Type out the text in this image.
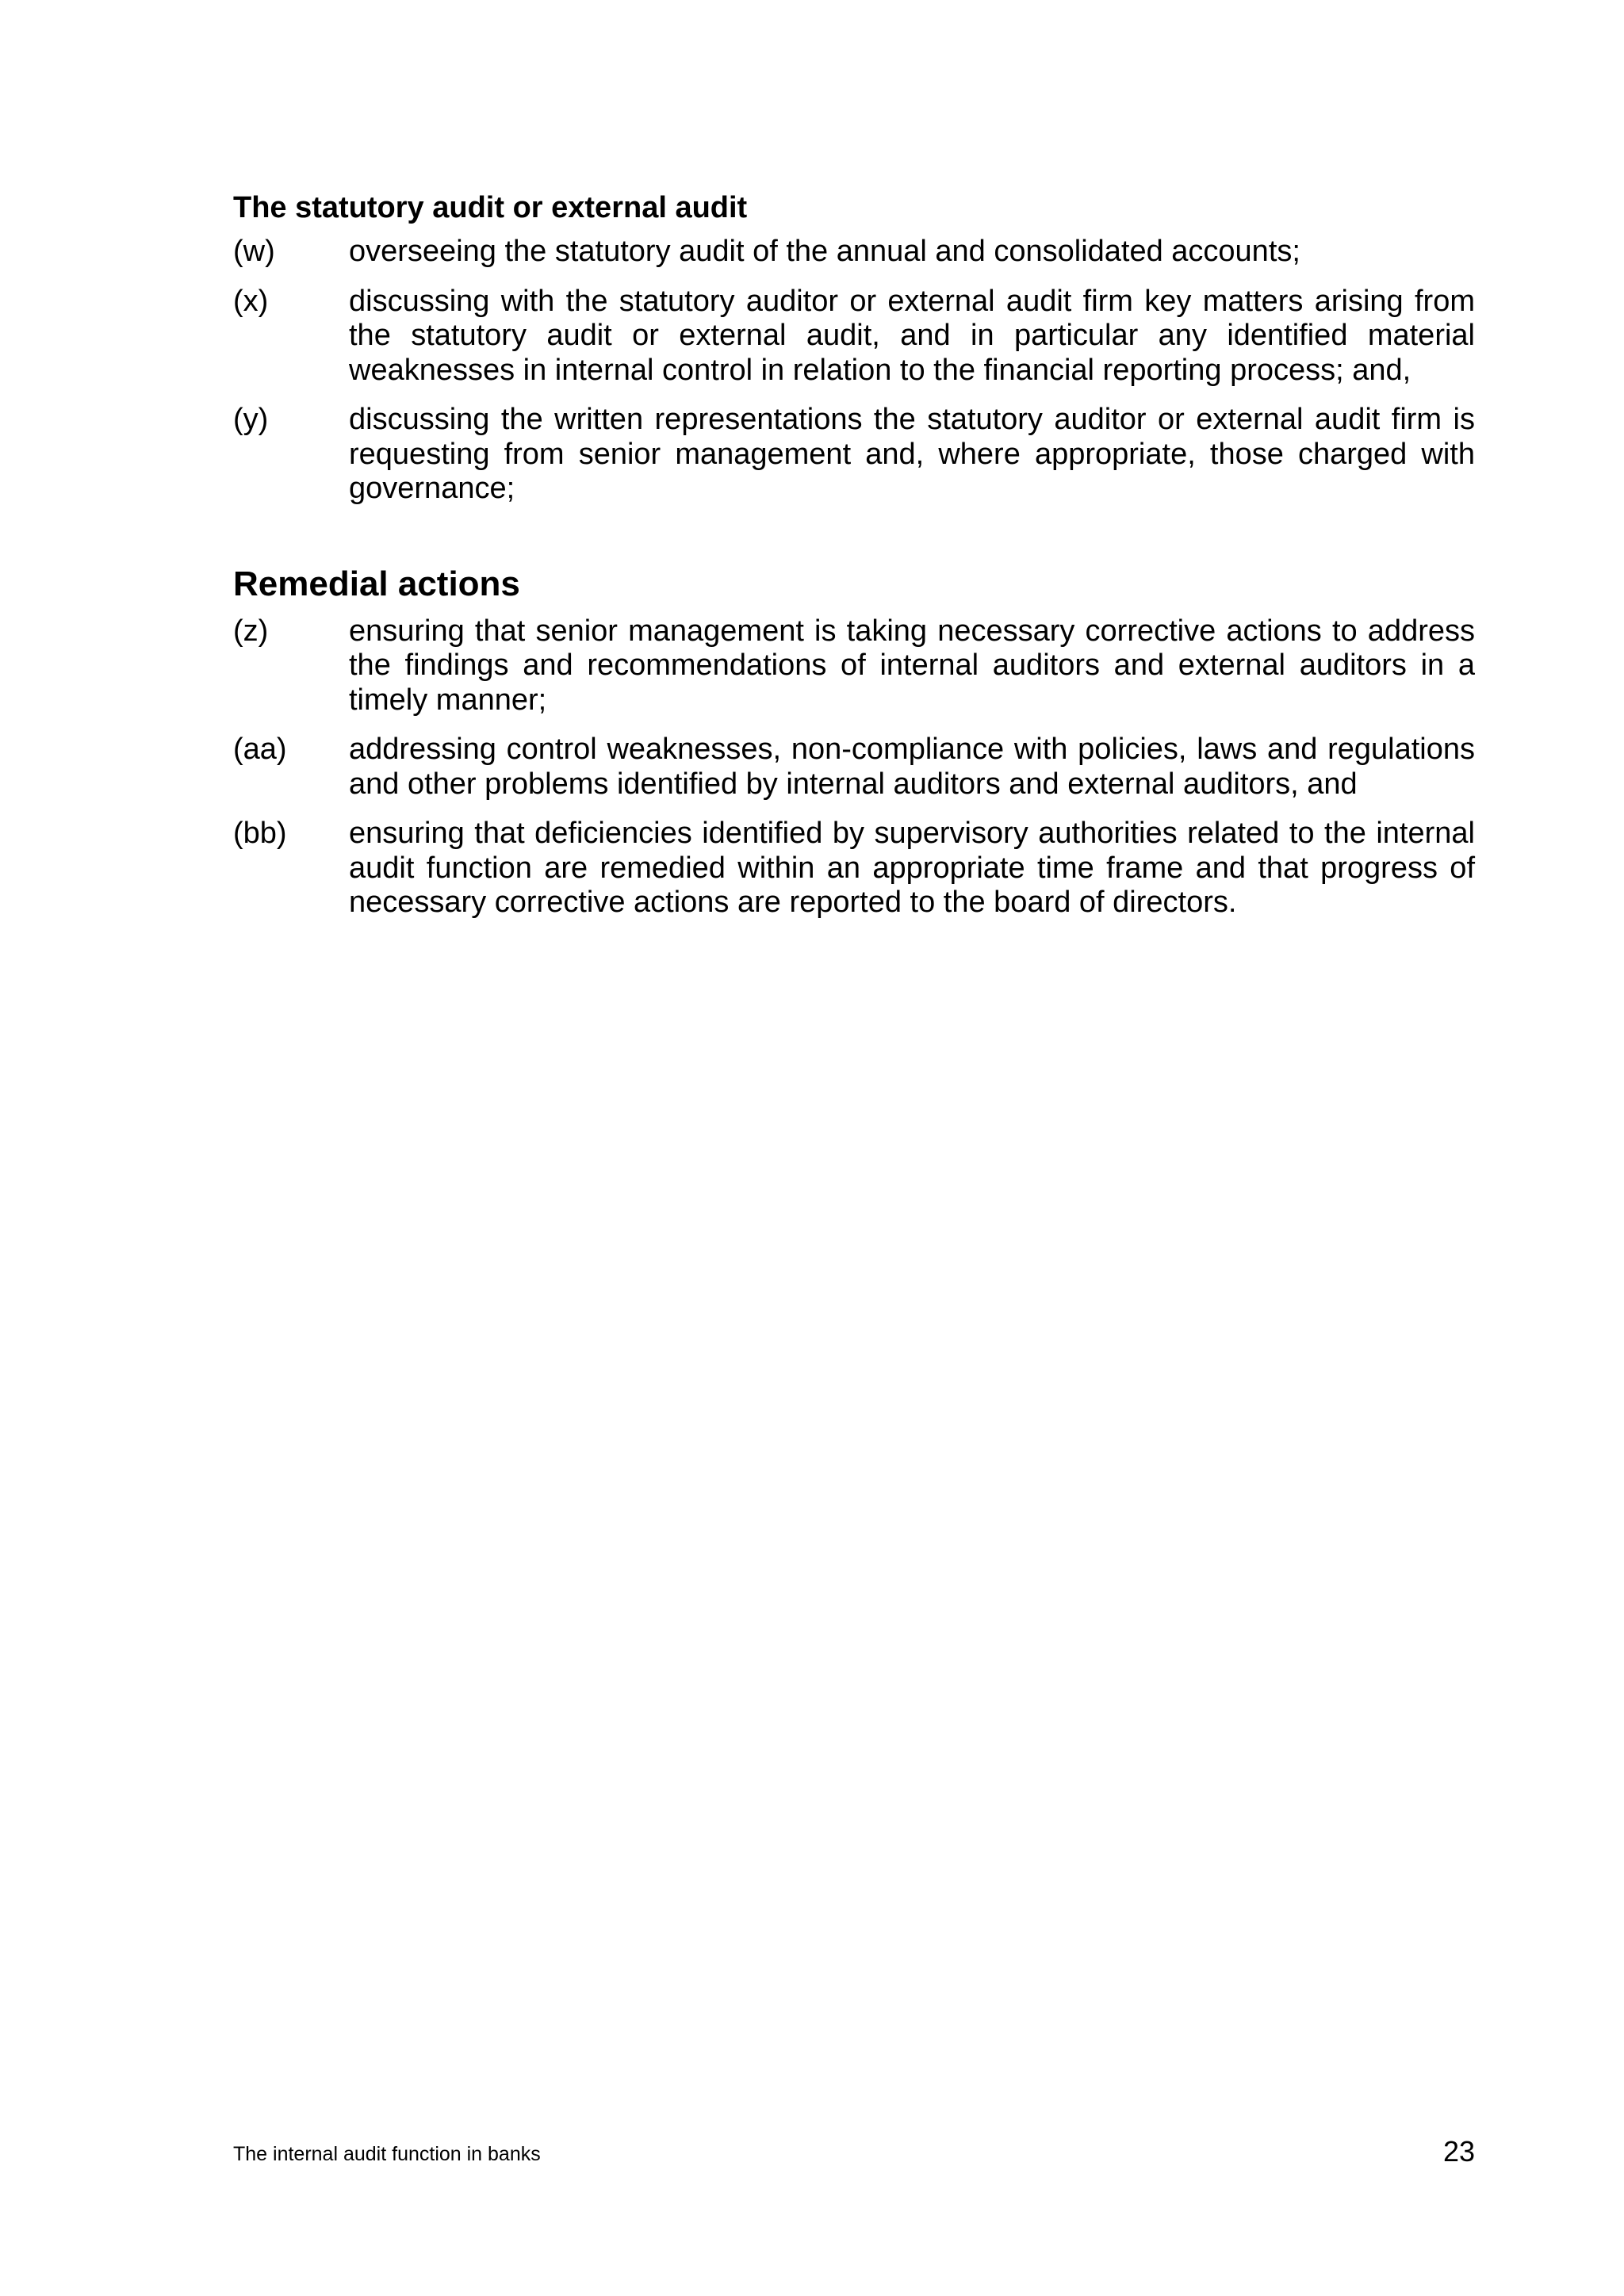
The statutory audit or external audit
(w)	overseeing the statutory audit of the annual and consolidated accounts;
(x)	discussing with the statutory auditor or external audit firm key matters arising from the statutory audit or external audit, and in particular any identified material weaknesses in internal control in relation to the financial reporting process; and,
(y)	discussing the written representations the statutory auditor or external audit firm is requesting from senior management and, where appropriate, those charged with governance;
Remedial actions
(z)	ensuring that senior management is taking necessary corrective actions to address the findings and recommendations of internal auditors and external auditors in a timely manner;
(aa)	addressing control weaknesses, non-compliance with policies, laws and regulations and other problems identified by internal auditors and external auditors, and
(bb)	ensuring that deficiencies identified by supervisory authorities related to the internal audit function are remedied within an appropriate time frame and that progress of necessary corrective actions are reported to the board of directors.
The internal audit function in banks	23
